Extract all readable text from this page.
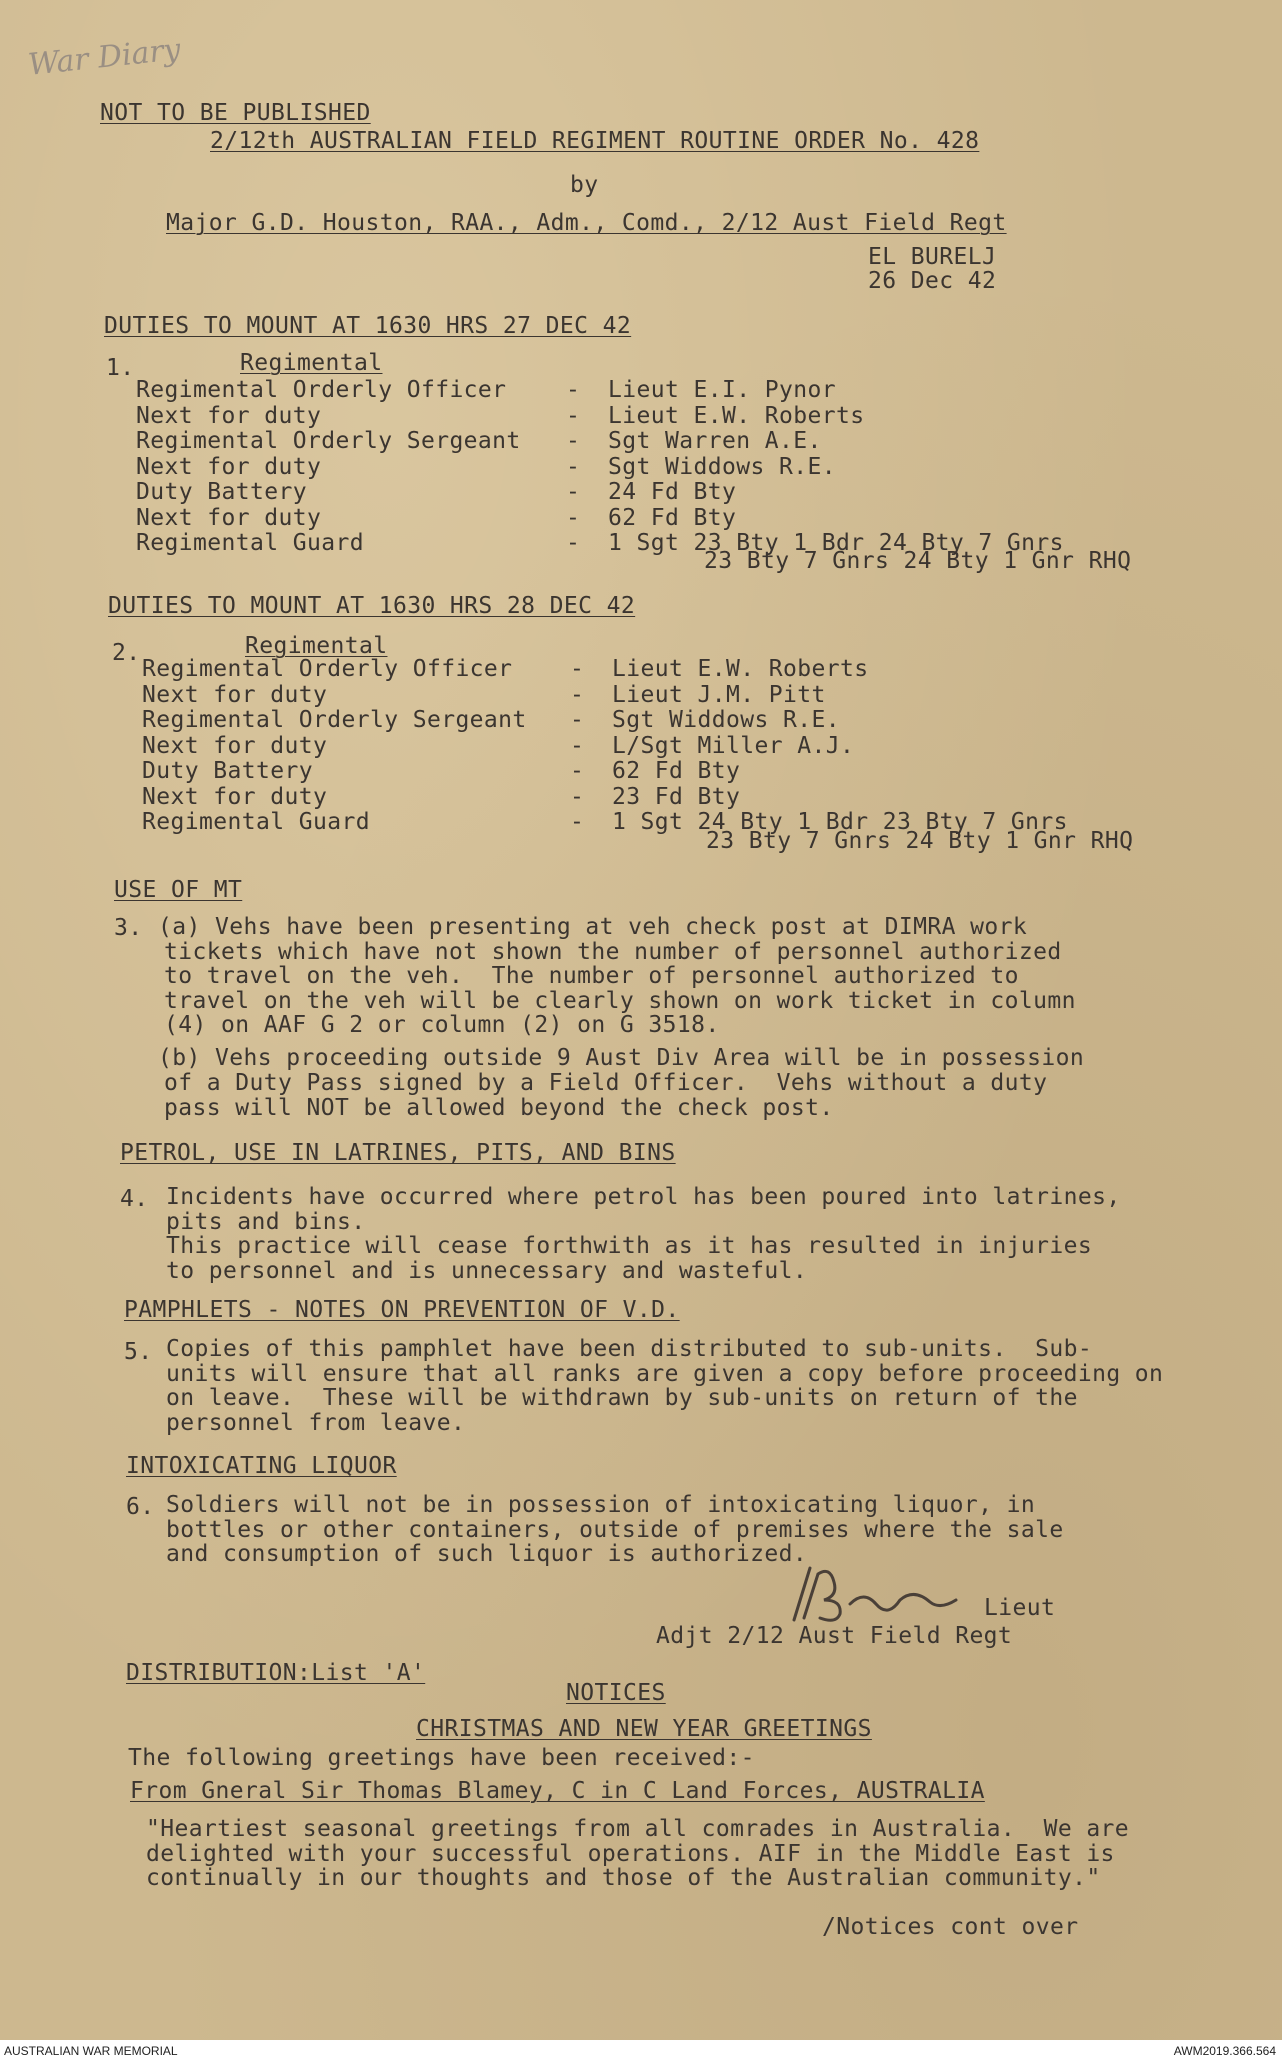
War Diary
NOT TO BE PUBLISHED
2/12th AUSTRALIAN FIELD REGIMENT ROUTINE ORDER No. 428
by
Major G.D. Houston, RAA., Adm., Comd., 2/12 Aust Field Regt
EL BURELJ
26 Dec 42
DUTIES TO MOUNT AT 1630 HRS 27 DEC 42
1.	Regimental
Regimental Orderly Officer	- Lieut E.I. Pynor
Next for duty	- Lieut E.W. Roberts
Regimental Orderly Sergeant - Sgt Warren A.E.
Next for duty	- Sgt Widdows R.E.
Duty Battery	- 24 Fd Bty
Next for duty	- 62 Fd Bty
Regimental Guard	- 1 Sgt 23 Bty 1 Bdr 24 Bty 7 Gnrs
23 Bty 7 Gnrs 24 Bty 1 Gnr RHQ
DUTIES TO MOUNT AT 1630 HRS 28 DEC 42
2.	Regimental
Regimental Orderly Officer	- Lieut E.W. Roberts
Next for duty	- Lieut J.M. Pitt
Regimental Orderly Sergeant - Sgt Widdows R.E.
Next for duty	- L/Sgt Miller A.J.
Duty Battery	- 62 Fd Bty
Next for duty	- 23 Fd Bty
Regimental Guard	- 1 Sgt 24 Bty 1 Bdr 23 Bty 7 Gnrs
23 Bty 7 Gnrs 24 Bty 1 Gnr RHQ
USE OF MT
3. (a) Vehs have been presenting at veh check post at DIMRA work
tickets which have not shown the number of personnel authorized
to travel on the veh.  The number of personnel authorized to
travel on the veh will be clearly shown on work ticket in column
(4) on AAF G 2 or column (2) on G 3518.
(b) Vehs proceeding outside 9 Aust Div Area will be in possession
of a Duty Pass signed by a Field Officer.  Vehs without a duty
pass will NOT be allowed beyond the check post.
PETROL, USE IN LATRINES, PITS, AND BINS
4. Incidents have occurred where petrol has been poured into latrines,
pits and bins.
This practice will cease forthwith as it has resulted in injuries
to personnel and is unnecessary and wasteful.
PAMPHLETS - NOTES ON PREVENTION OF V.D.
5. Copies of this pamphlet have been distributed to sub-units.  Sub-
units will ensure that all ranks are given a copy before proceeding on
on leave.  These will be withdrawn by sub-units on return of the
personnel from leave.
INTOXICATING LIQUOR
6. Soldiers will not be in possession of intoxicating liquor, in
bottles or other containers, outside of premises where the sale
and consumption of such liquor is authorized.
Lieut
Adjt 2/12 Aust Field Regt
DISTRIBUTION:List 'A'
NOTICES
CHRISTMAS AND NEW YEAR GREETINGS
The following greetings have been received:-
From Gneral Sir Thomas Blamey, C in C Land Forces, AUSTRALIA
"Heartiest seasonal greetings from all comrades in Australia.  We are
delighted with your successful operations. AIF in the Middle East is
continually in our thoughts and those of the Australian community."
/Notices cont over
AUSTRALIAN WAR MEMORIAL	AWM2019.366.564
